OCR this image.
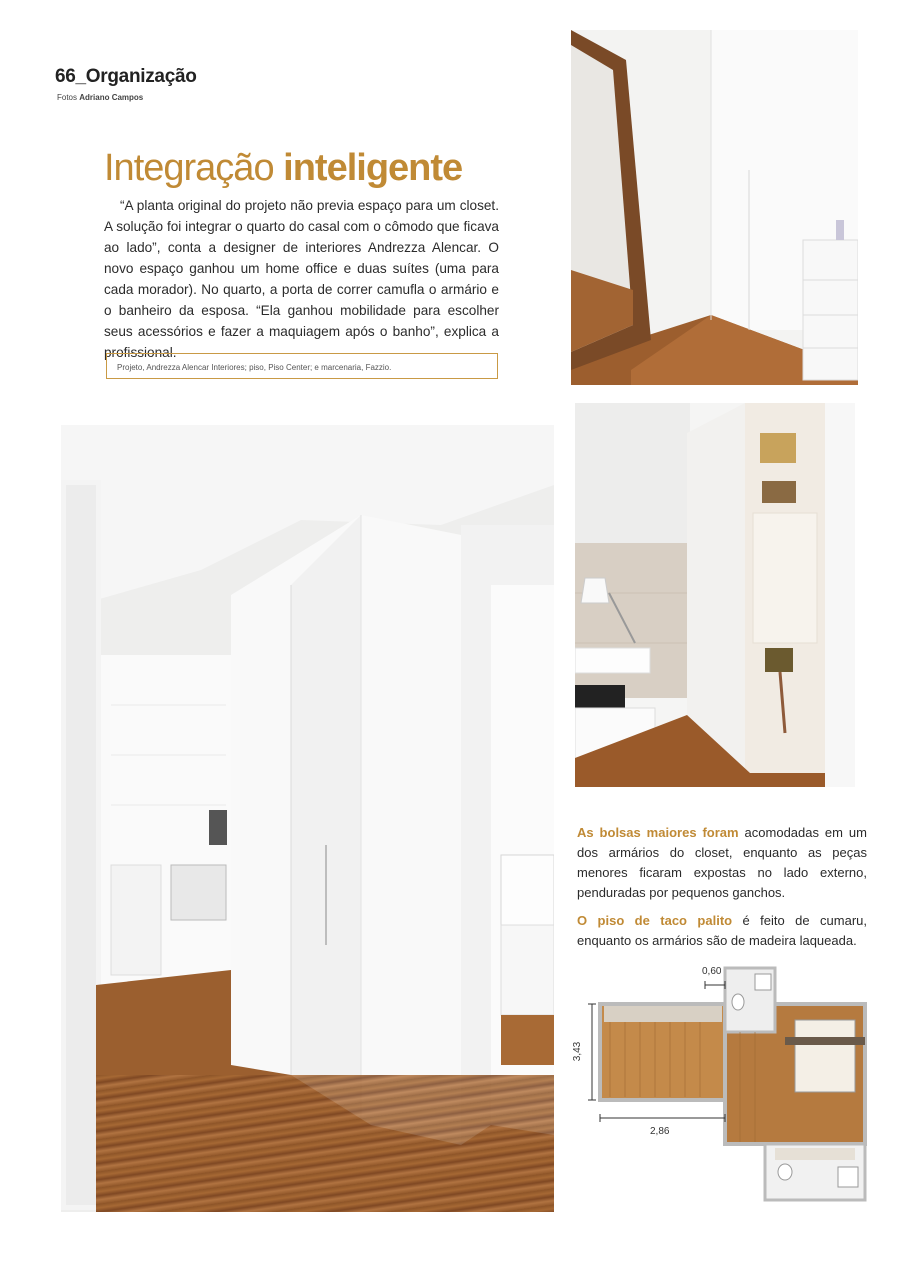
66_Organização
Fotos Adriano Campos
Integração inteligente
“A planta original do projeto não previa espaço para um closet. A solução foi integrar o quarto do casal com o cômodo que ficava ao lado”, conta a designer de interiores Andrezza Alencar. O novo espaço ganhou um home office e duas suítes (uma para cada morador). No quarto, a porta de correr camufla o armário e o banheiro da esposa. “Ela ganhou mobilidade para escolher seus acessórios e fazer a maquiagem após o banho”, explica a profissional.
Projeto, Andrezza Alencar Interiores; piso, Piso Center; e marcenaria, Fazzio.
As bolsas maiores foram acomodadas em um dos armários do closet, enquanto as peças menores ficaram expostas no lado externo, penduradas por pequenos ganchos.
O piso de taco palito é feito de cumaru, enquanto os armários são de madeira laqueada.
0,60
3,43
2,86
